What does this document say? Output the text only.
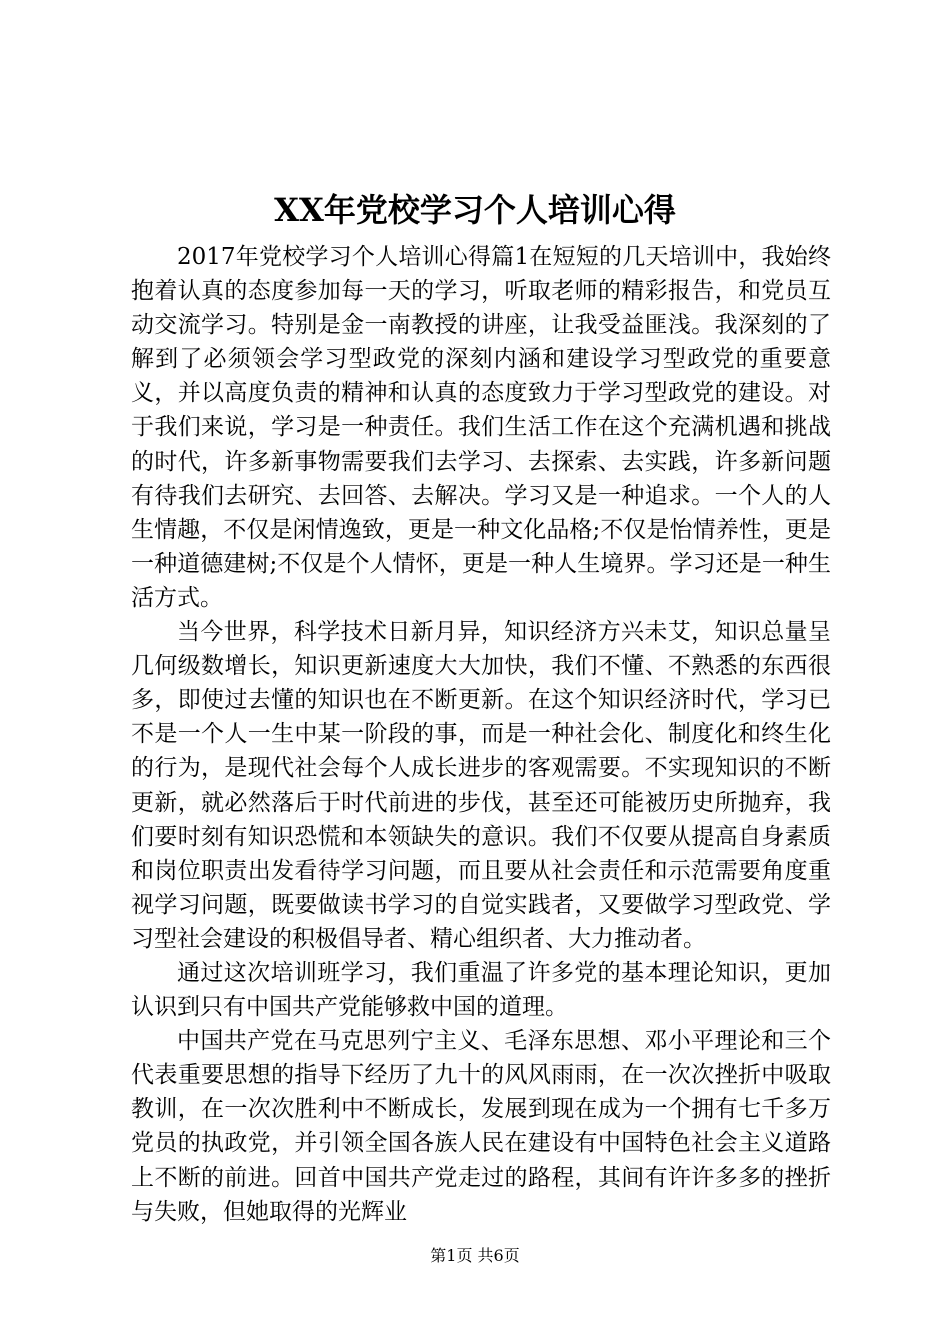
XX年党校学习个人培训心得

2017年党校学习个人培训心得篇1在短短的几天培训中，我始终抱着认真的态度参加每一天的学习，听取老师的精彩报告，和党员互动交流学习。特别是金一南教授的讲座，让我受益匪浅。我深刻的了解到了必须领会学习型政党的深刻内涵和建设学习型政党的重要意义，并以高度负责的精神和认真的态度致力于学习型政党的建设。对于我们来说，学习是一种责任。我们生活工作在这个充满机遇和挑战的时代，许多新事物需要我们去学习、去探索、去实践，许多新问题有待我们去研究、去回答、去解决。学习又是一种追求。一个人的人生情趣，不仅是闲情逸致，更是一种文化品格;不仅是怡情养性，更是一种道德建树;不仅是个人情怀，更是一种人生境界。学习还是一种生活方式。

当今世界，科学技术日新月异，知识经济方兴未艾，知识总量呈几何级数增长，知识更新速度大大加快，我们不懂、不熟悉的东西很多，即使过去懂的知识也在不断更新。在这个知识经济时代，学习已不是一个人一生中某一阶段的事，而是一种社会化、制度化和终生化的行为，是现代社会每个人成长进步的客观需要。不实现知识的不断更新，就必然落后于时代前进的步伐，甚至还可能被历史所抛弃，我们要时刻有知识恐慌和本领缺失的意识。我们不仅要从提高自身素质和岗位职责出发看待学习问题，而且要从社会责任和示范需要角度重视学习问题，既要做读书学习的自觉实践者，又要做学习型政党、学习型社会建设的积极倡导者、精心组织者、大力推动者。

通过这次培训班学习，我们重温了许多党的基本理论知识，更加认识到只有中国共产党能够救中国的道理。

中国共产党在马克思列宁主义、毛泽东思想、邓小平理论和三个代表重要思想的指导下经历了九十的风风雨雨，在一次次挫折中吸取教训，在一次次胜利中不断成长，发展到现在成为一个拥有七千多万党员的执政党，并引领全国各族人民在建设有中国特色社会主义道路上不断的前进。回首中国共产党走过的路程，其间有许许多多的挫折与失败，但她取得的光辉业

第1页 共6页
